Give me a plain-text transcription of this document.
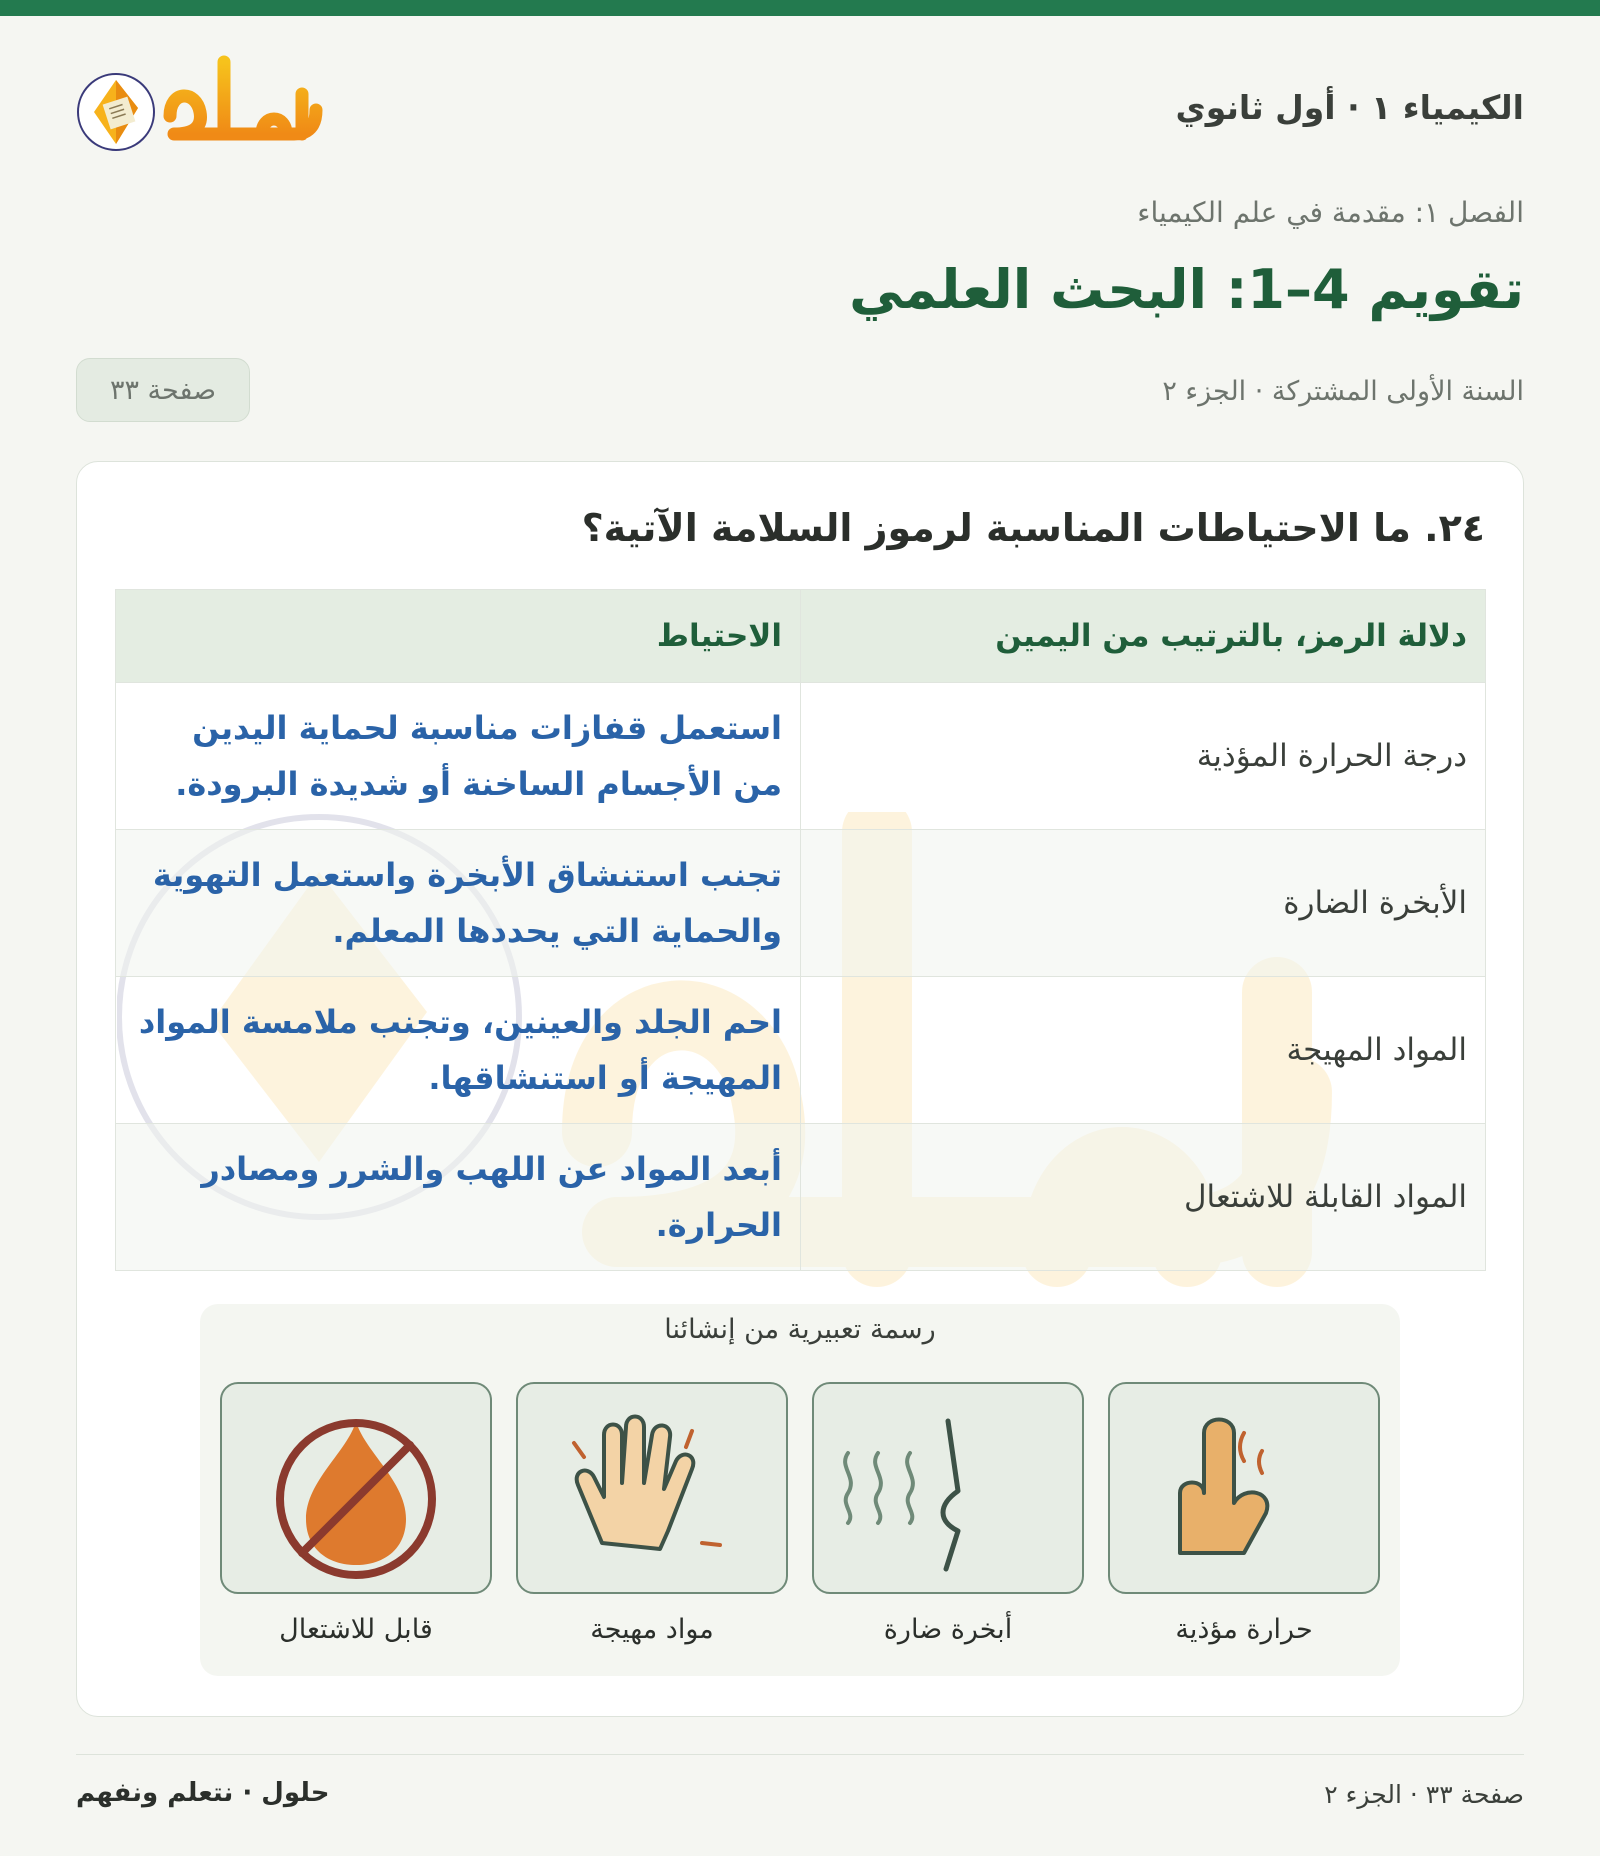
الكيمياء ١ · أول ثانوي
الفصل ١: مقدمة في علم الكيمياء
تقويم 4–1: البحث العلمي
السنة الأولى المشتركة · الجزء ٢
صفحة ٣٣
٢٤. ما الاحتياطات المناسبة لرموز السلامة الآتية؟
دلالة الرمز، بالترتيب من اليمين	الاحتياط
درجة الحرارة المؤذية	استعمل قفازات مناسبة لحماية اليدين من الأجسام الساخنة أو شديدة البرودة.
الأبخرة الضارة	تجنب استنشاق الأبخرة واستعمل التهوية والحماية التي يحددها المعلم.
المواد المهيجة	احم الجلد والعينين، وتجنب ملامسة المواد المهيجة أو استنشاقها.
المواد القابلة للاشتعال	أبعد المواد عن اللهب والشرر ومصادر الحرارة.
رسمة تعبيرية من إنشائنا
حرارة مؤذية
أبخرة ضارة
مواد مهيجة
قابل للاشتعال
صفحة ٣٣ · الجزء ٢
حلول · نتعلم ونفهم
